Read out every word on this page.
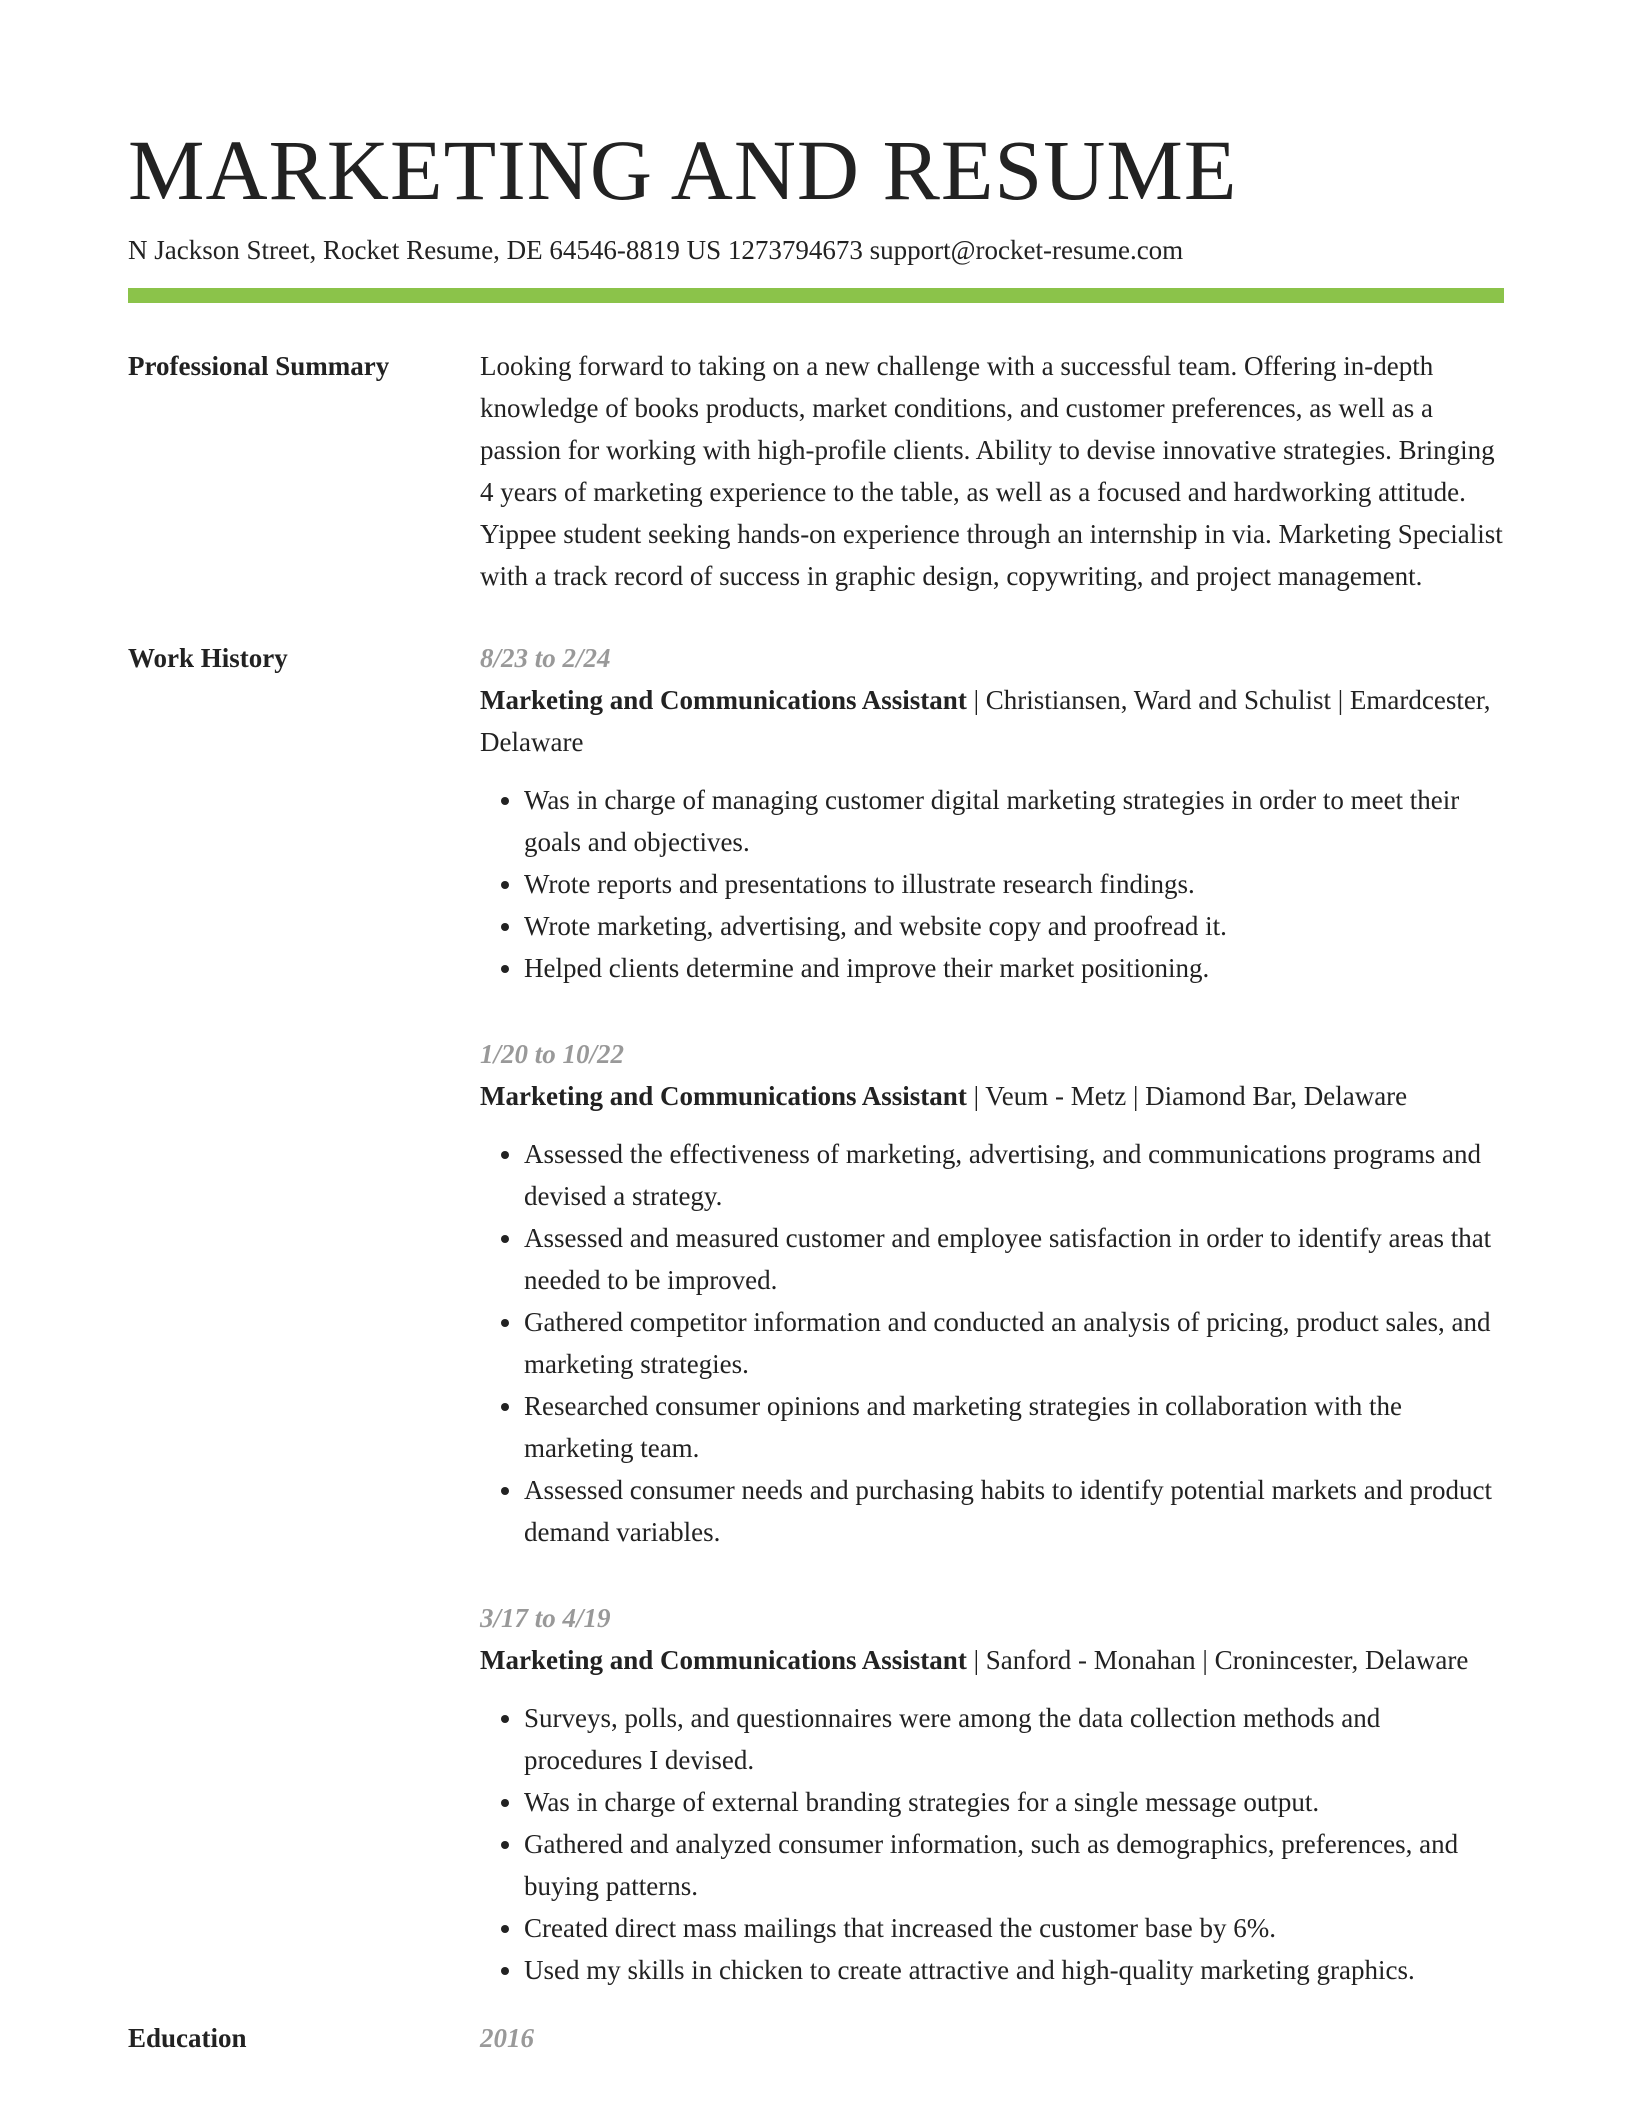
MARKETING AND RESUME
N Jackson Street, Rocket Resume, DE 64546-8819 US 1273794673 support@rocket-resume.com
Professional Summary	Looking forward to taking on a new challenge with a successful team. Offering in-depth knowledge of books products, market conditions, and customer preferences, as well as a passion for working with high-profile clients. Ability to devise innovative strategies. Bringing 4 years of marketing experience to the table, as well as a focused and hardworking attitude. Yippee student seeking hands-on experience through an internship in via. Marketing Specialist with a track record of success in graphic design, copywriting, and project management.

Work History	8/23 to 2/24
Marketing and Communications Assistant | Christiansen, Ward and Schulist | Emardcester, Delaware
• Was in charge of managing customer digital marketing strategies in order to meet their goals and objectives.
• Wrote reports and presentations to illustrate research findings.
• Wrote marketing, advertising, and website copy and proofread it.
• Helped clients determine and improve their market positioning.
1/20 to 10/22
Marketing and Communications Assistant | Veum - Metz | Diamond Bar, Delaware
• Assessed the effectiveness of marketing, advertising, and communications programs and devised a strategy.
• Assessed and measured customer and employee satisfaction in order to identify areas that needed to be improved.
• Gathered competitor information and conducted an analysis of pricing, product sales, and marketing strategies.
• Researched consumer opinions and marketing strategies in collaboration with the marketing team.
• Assessed consumer needs and purchasing habits to identify potential markets and product demand variables.
3/17 to 4/19
Marketing and Communications Assistant | Sanford - Monahan | Cronincester, Delaware
• Surveys, polls, and questionnaires were among the data collection methods and procedures I devised.
• Was in charge of external branding strategies for a single message output.
• Gathered and analyzed consumer information, such as demographics, preferences, and buying patterns.
• Created direct mass mailings that increased the customer base by 6%.
• Used my skills in chicken to create attractive and high-quality marketing graphics.
Education	2016
